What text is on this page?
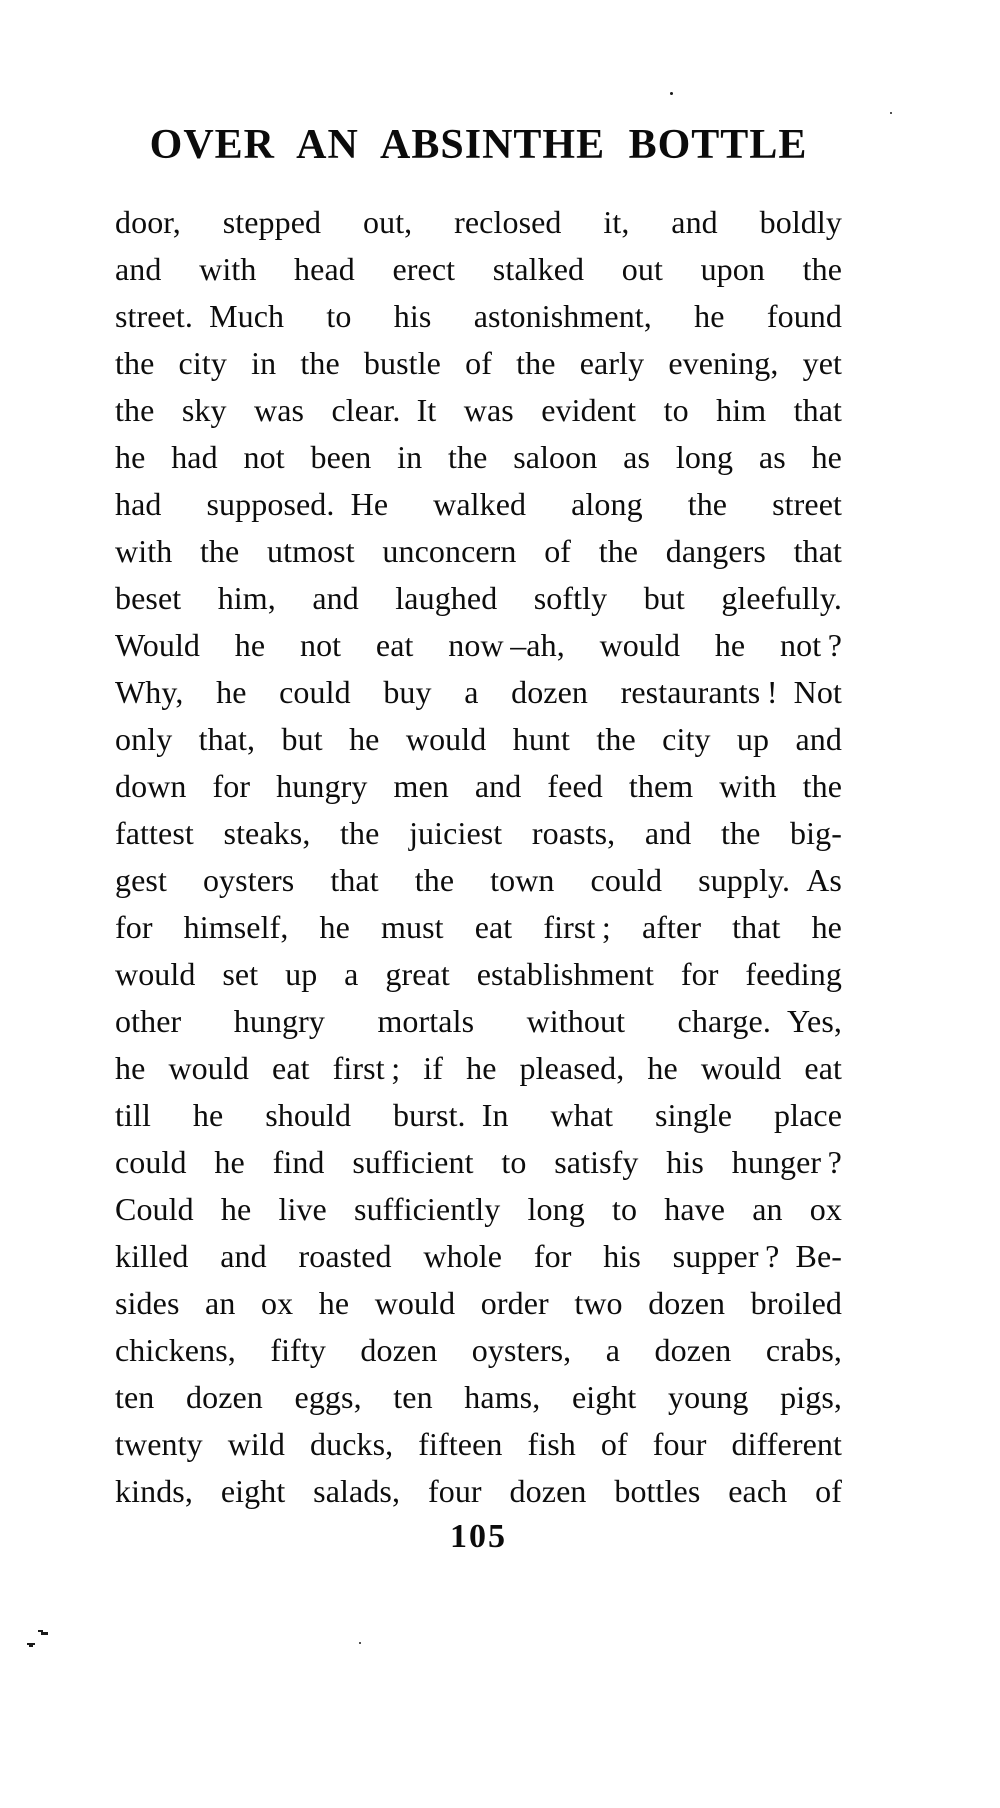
OVER AN ABSINTHE BOTTLE
door, stepped out, reclosed it, and boldly
and with head erect stalked out upon the
street. Much to his astonishment, he found
the city in the bustle of the early evening, yet
the sky was clear. It was evident to him that
he had not been in the saloon as long as he
had supposed. He walked along the street
with the utmost unconcern of the dangers that
beset him, and laughed softly but gleefully.
Would he not eat now –ah, would he not ?
Why, he could buy a dozen restaurants ! Not
only that, but he would hunt the city up and
down for hungry men and feed them with the
fattest steaks, the juiciest roasts, and the big-
gest oysters that the town could supply. As
for himself, he must eat first ; after that he
would set up a great establishment for feeding
other hungry mortals without charge. Yes,
he would eat first ; if he pleased, he would eat
till he should burst. In what single place
could he find sufficient to satisfy his hunger ?
Could he live sufficiently long to have an ox
killed and roasted whole for his supper ? Be-
sides an ox he would order two dozen broiled
chickens, fifty dozen oysters, a dozen crabs,
ten dozen eggs, ten hams, eight young pigs,
twenty wild ducks, fifteen fish of four different
kinds, eight salads, four dozen bottles each of
105
